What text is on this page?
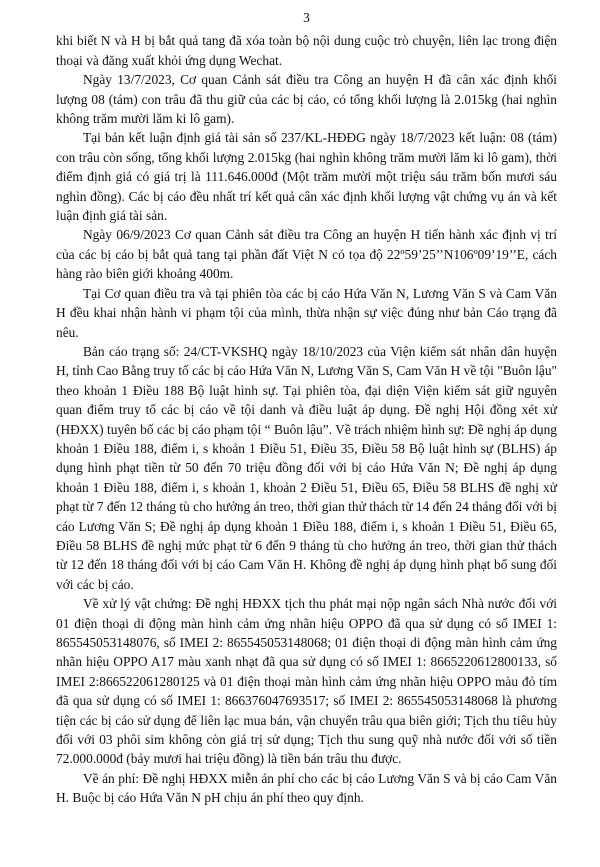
3

khi biết N và H bị bắt quả tang đã xóa toàn bộ nội dung cuộc trò chuyện, liên lạc trong điện thoại và đăng xuất khỏi ứng dụng Wechat.

Ngày 13/7/2023, Cơ quan Cảnh sát điều tra Công an huyện H đã cân xác định khối lượng 08 (tám) con trâu đã thu giữ của các bị cáo, có tổng khối lượng là 2.015kg (hai nghìn không trăm mười lăm ki lô gam).

Tại bản kết luận định giá tài sản số 237/KL-HĐĐG ngày 18/7/2023 kết luận: 08 (tám) con trâu còn sống, tổng khối lượng 2.015kg (hai nghìn không trăm mười lăm ki lô gam), thời điểm định giá có giá trị là 111.646.000đ (Một trăm mười một triệu sáu trăm bốn mươi sáu nghìn đồng). Các bị cáo đều nhất trí kết quả cân xác định khối lượng vật chứng vụ án và kết luận định giá tài sản.

Ngày 06/9/2023 Cơ quan Cảnh sát điều tra Công an huyện H tiến hành xác định vị trí của các bị cáo bị bắt quả tang tại phần đất Việt N có tọa độ 22º59’25’’N106º09’19’’E, cách hàng rào biên giới khoảng 400m.

Tại Cơ quan điều tra và tại phiên tòa các bị cáo Hứa Văn N, Lương Văn S và Cam Văn H đều khai nhận hành vi phạm tội của mình, thừa nhận sự việc đúng như bản Cáo trạng đã nêu.

Bản cáo trạng số: 24/CT-VKSHQ ngày 18/10/2023 của Viện kiểm sát nhân dân huyện H, tỉnh Cao Bằng truy tố các bị cáo Hứa Văn N, Lương Văn S, Cam Văn H về tội "Buôn lậu" theo khoản 1 Điều 188 Bộ luật hình sự. Tại phiên tòa, đại diện Viện kiểm sát giữ nguyên quan điểm truy tố các bị cáo về tội danh và điều luật áp dụng. Đề nghị Hội đồng xét xử (HĐXX) tuyên bố các bị cáo phạm tội “ Buôn lậu”. Về trách nhiệm hình sự: Đề nghị áp dụng khoản 1 Điều 188, điểm i, s khoản 1 Điều 51, Điều 35, Điều 58 Bộ luật hình sự (BLHS) áp dụng hình phạt tiền từ 50 đến 70 triệu đồng đối với bị cáo Hứa Văn N; Đề nghị áp dụng khoản 1 Điều 188, điểm i, s khoản 1, khoản 2 Điều 51, Điều 65, Điều 58 BLHS đề nghị xử phạt từ 7 đến 12 tháng tù cho hưởng án treo, thời gian thử thách từ 14 đến 24 tháng đối với bị cáo Lương Văn S; Đề nghị áp dụng khoản 1 Điều 188, điểm i, s khoản 1 Điều 51, Điều 65, Điều 58 BLHS đề nghị mức phạt từ 6 đến 9 tháng tù cho hưởng án treo, thời gian thử thách từ 12 đến 18 tháng đối với bị cáo Cam Văn H. Không đề nghị áp dụng hình phạt bổ sung đối với các bị cáo.

Về xử lý vật chứng: Đề nghị HĐXX tịch thu phát mại nộp ngân sách Nhà nước đối với 01 điện thoại di động màn hình cảm ứng nhãn hiệu OPPO đã qua sử dụng có số IMEI 1: 865545053148076, số IMEI 2: 865545053148068; 01 điện thoại di động màn hình cảm ứng nhãn hiệu OPPO A17 màu xanh nhạt đã qua sử dụng có số IMEI 1: 8665220612800133, số IMEI 2:866522061280125 và 01 điện thoại màn hình cảm ứng nhãn hiệu OPPO màu đỏ tím đã qua sử dụng có số IMEI 1: 866376047693517; số IMEI 2: 865545053148068 là phương tiện các bị cáo sử dụng để liên lạc mua bán, vận chuyển trâu qua biên giới; Tịch thu tiêu hủy đối với 03 phôi sim không còn giá trị sử dụng; Tịch thu sung quỹ nhà nước đối với số tiền 72.000.000đ (bảy mươi hai triệu đồng) là tiền bán trâu thu được.

Về án phí: Đề nghị HĐXX miễn án phí cho các bị cáo Lương Văn S và bị cáo Cam Văn H. Buộc bị cáo Hứa Văn N pH chịu án phí theo quy định.
